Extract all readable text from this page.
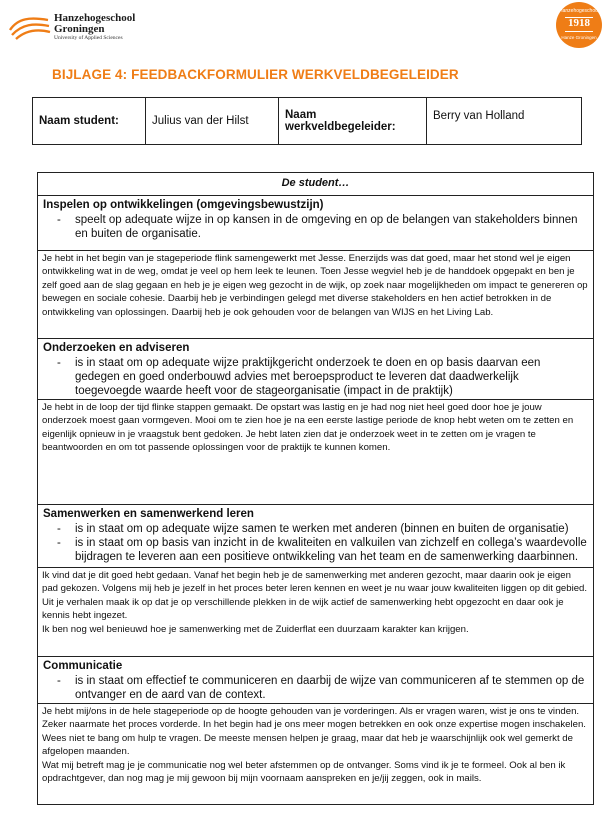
Hanzehogeschool
Groningen
University of Applied Sciences
Hanzehogeschool
1918
Hanze Groningen
BIJLAGE 4: FEEDBACKFORMULIER WERKVELDBEGELEIDER
Naam student:	Julius van der Hilst	Naam werkveldbegeleider:	Berry van Holland
De student…
Inspelen op ontwikkelingen (omgevingsbewustzijn)
- speelt op adequate wijze in op kansen in de omgeving en op de belangen van stakeholders binnen en buiten de organisatie.
Je hebt in het begin van je stageperiode flink samengewerkt met Jesse. Enerzijds was dat goed, maar het stond wel je eigen ontwikkeling wat in de weg, omdat je veel op hem leek te leunen. Toen Jesse wegviel heb je de handdoek opgepakt en ben je zelf goed aan de slag gegaan en heb je je eigen weg gezocht in de wijk, op zoek naar mogelijkheden om impact te genereren op bewegen en sociale cohesie. Daarbij heb je verbindingen gelegd met diverse stakeholders en hen actief betrokken in de ontwikkeling van oplossingen. Daarbij heb je ook gehouden voor de belangen van WIJS en het Living Lab.
Onderzoeken en adviseren
- is in staat om op adequate wijze praktijkgericht onderzoek te doen en op basis daarvan een gedegen en goed onderbouwd advies met beroepsproduct te leveren dat daadwerkelijk toegevoegde waarde heeft voor de stageorganisatie (impact in de praktijk)
Je hebt in de loop der tijd flinke stappen gemaakt. De opstart was lastig en je had nog niet heel goed door hoe je jouw onderzoek moest gaan vormgeven. Mooi om te zien hoe je na een eerste lastige periode de knop hebt weten om te zetten en eigenlijk opnieuw in je vraagstuk bent gedoken. Je hebt laten zien dat je onderzoek weet in te zetten om je vragen te beantwoorden en om tot passende oplossingen voor de praktijk te kunnen komen.
Samenwerken en samenwerkend leren
- is in staat om op adequate wijze samen te werken met anderen (binnen en buiten de organisatie)
- is in staat om op basis van inzicht in de kwaliteiten en valkuilen van zichzelf en collega’s waardevolle bijdragen te leveren aan een positieve ontwikkeling van het team en de samenwerking daarbinnen.
Ik vind dat je dit goed hebt gedaan. Vanaf het begin heb je de samenwerking met anderen gezocht, maar daarin ook je eigen pad gekozen. Volgens mij heb je jezelf in het proces beter leren kennen en weet je nu waar jouw kwaliteiten liggen op dit gebied. Uit je verhalen maak ik op dat je op verschillende plekken in de wijk actief de samenwerking hebt opgezocht en daar ook je kennis hebt ingezet.
Ik ben nog wel benieuwd hoe je samenwerking met de Zuiderflat een duurzaam karakter kan krijgen.
Communicatie
- is in staat om effectief te communiceren en daarbij de wijze van communiceren af te stemmen op de ontvanger en de aard van de context.
Je hebt mij/ons in de hele stageperiode op de hoogte gehouden van je vorderingen. Als er vragen waren, wist je ons te vinden. Zeker naarmate het proces vorderde. In het begin had je ons meer mogen betrekken en ook onze expertise mogen inschakelen. Wees niet te bang om hulp te vragen. De meeste mensen helpen je graag, maar dat heb je waarschijnlijk ook wel gemerkt de afgelopen maanden.
Wat mij betreft mag je je communicatie nog wel beter afstemmen op de ontvanger. Soms vind ik je te formeel. Ook al ben ik opdrachtgever, dan nog mag je mij gewoon bij mijn voornaam aanspreken en je/jij zeggen, ook in mails.
